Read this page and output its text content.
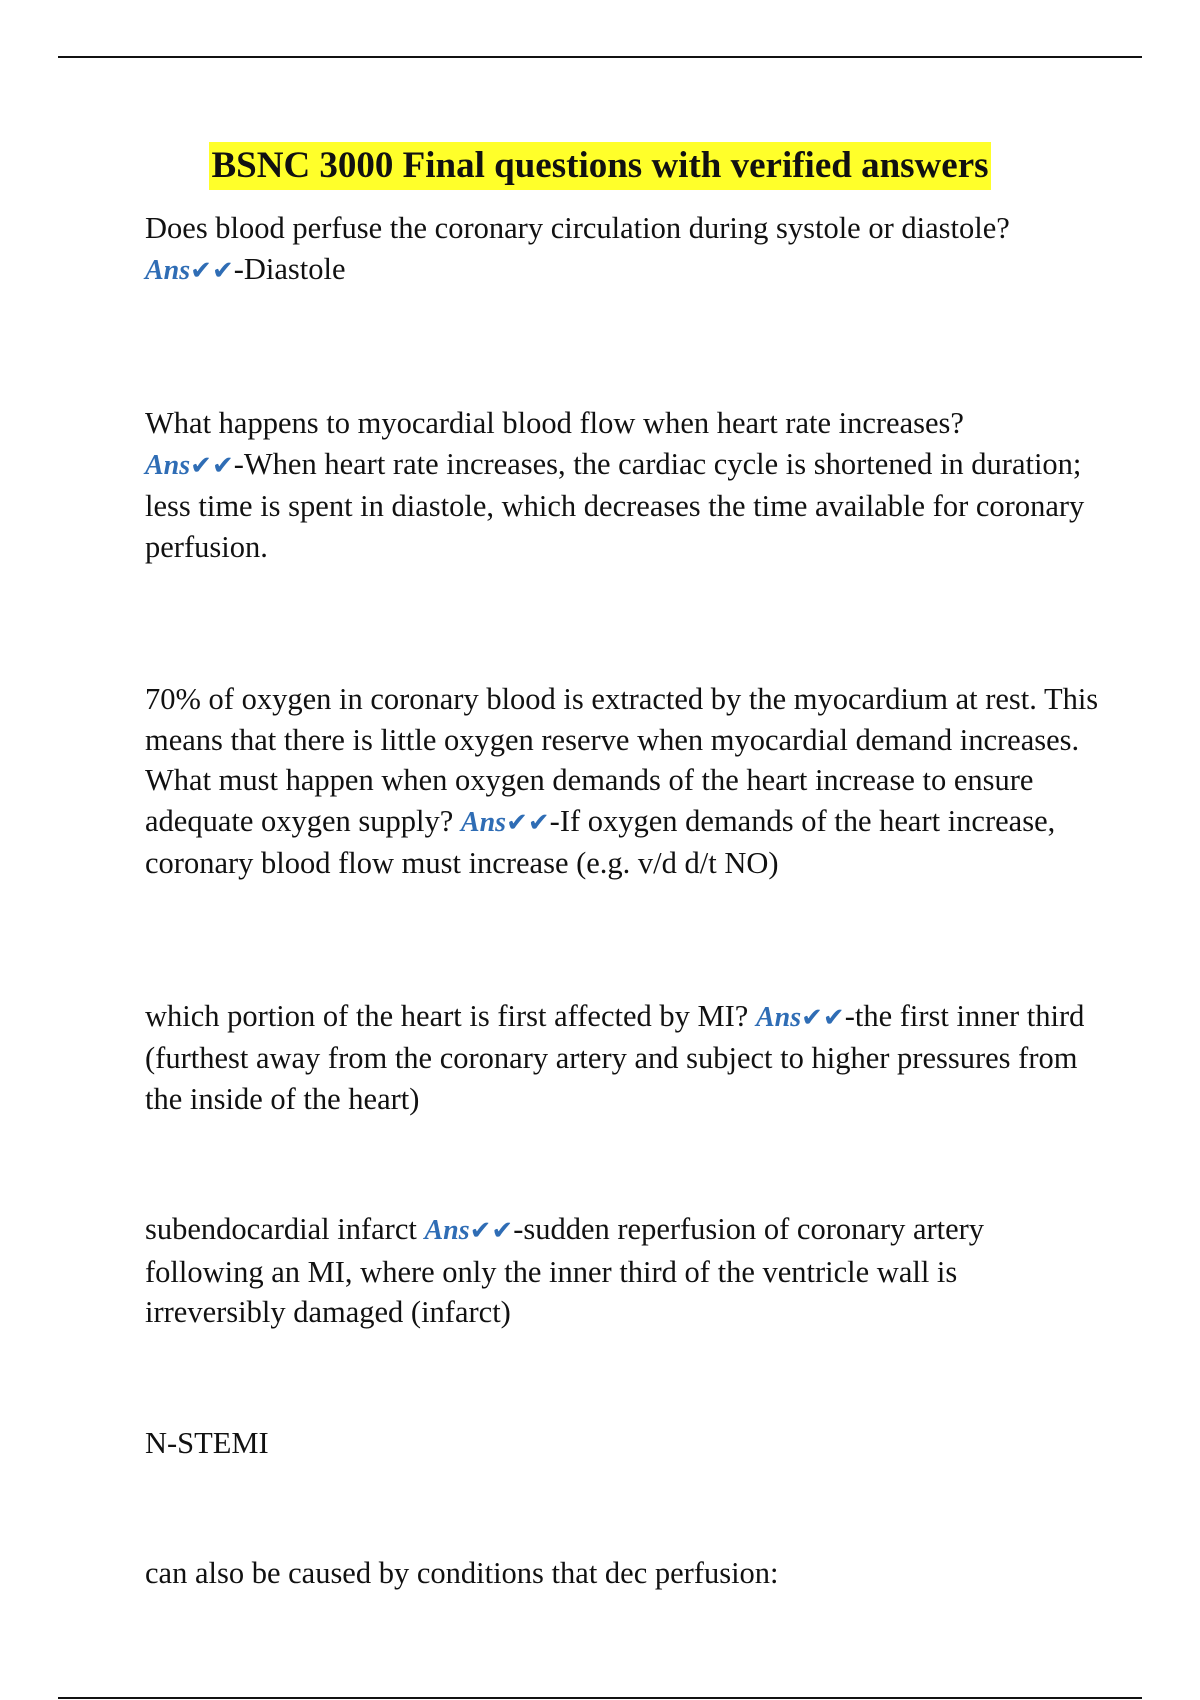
BSNC 3000 Final questions with verified answers

Does blood perfuse the coronary circulation during systole or diastole?
Ans✔✔-Diastole

What happens to myocardial blood flow when heart rate increases?
Ans✔✔-When heart rate increases, the cardiac cycle is shortened in duration; less time is spent in diastole, which decreases the time available for coronary perfusion.

70% of oxygen in coronary blood is extracted by the myocardium at rest. This means that there is little oxygen reserve when myocardial demand increases. What must happen when oxygen demands of the heart increase to ensure adequate oxygen supply? Ans✔✔-If oxygen demands of the heart increase, coronary blood flow must increase (e.g. v/d d/t NO)

which portion of the heart is first affected by MI? Ans✔✔-the first inner third (furthest away from the coronary artery and subject to higher pressures from the inside of the heart)

subendocardial infarct Ans✔✔-sudden reperfusion of coronary artery following an MI, where only the inner third of the ventricle wall is irreversibly damaged (infarct)

N-STEMI

can also be caused by conditions that dec perfusion:
